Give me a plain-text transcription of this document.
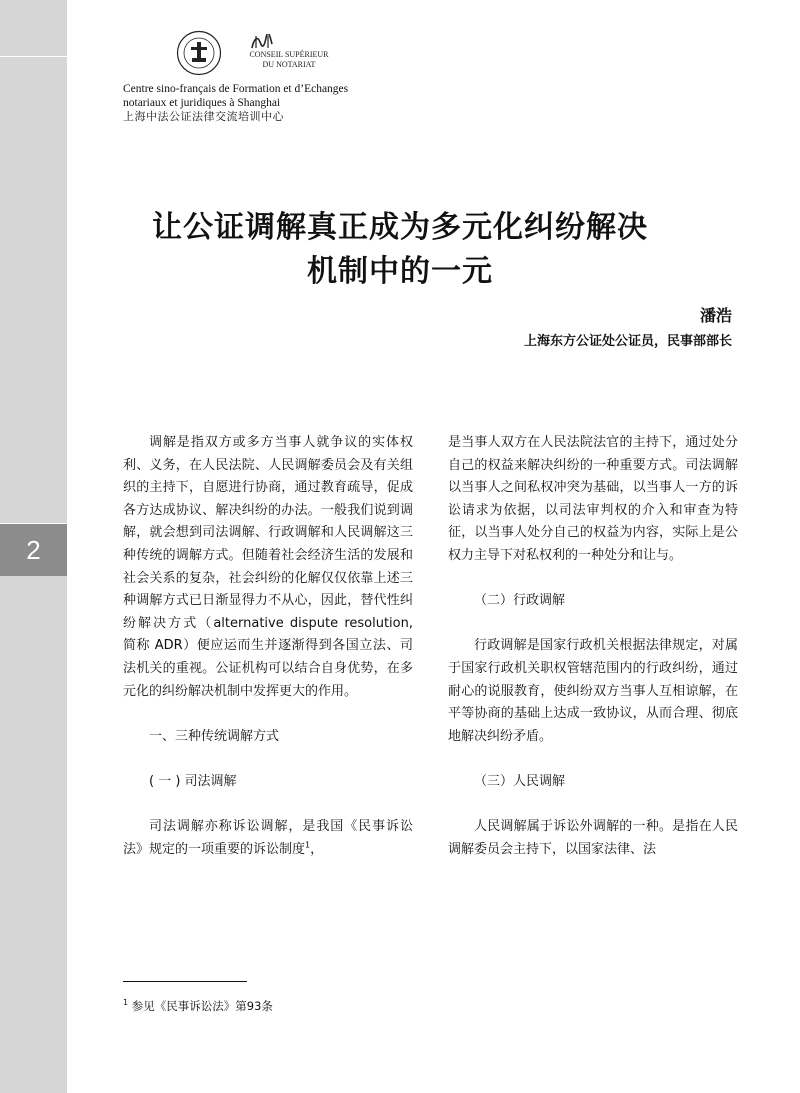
2
CONSEIL SUPÉRIEUR
DU NOTARIAT
Centre sino-français de Formation et d’Echanges
notariaux et juridiques à Shanghai
上海中法公证法律交流培训中心
让公证调解真正成为多元化纠纷解决
机制中的一元
潘浩
上海东方公证处公证员，民事部部长

调解是指双方或多方当事人就争议的实体权利、义务，在人民法院、人民调解委员会及有关组织的主持下，自愿进行协商，通过教育疏导，促成各方达成协议、解决纠纷的办法。一般我们说到调解，就会想到司法调解、行政调解和人民调解这三种传统的调解方式。但随着社会经济生活的发展和社会关系的复杂，社会纠纷的化解仅仅依靠上述三种调解方式已日渐显得力不从心，因此，替代性纠纷解决方式（alternative dispute resolution, 简称 ADR）便应运而生并逐渐得到各国立法、司法机关的重视。公证机构可以结合自身优势，在多元化的纠纷解决机制中发挥更大的作用。

一、三种传统调解方式

( 一 ) 司法调解

司法调解亦称诉讼调解，是我国《民事诉讼法》规定的一项重要的诉讼制度$^1$，

是当事人双方在人民法院法官的主持下，通过处分自己的权益来解决纠纷的一种重要方式。司法调解以当事人之间私权冲突为基础，以当事人一方的诉讼请求为依据，以司法审判权的介入和审查为特征，以当事人处分自己的权益为内容，实际上是公权力主导下对私权利的一种处分和让与。

（二）行政调解

行政调解是国家行政机关根据法律规定，对属于国家行政机关职权管辖范围内的行政纠纷，通过耐心的说服教育，使纠纷双方当事人互相谅解，在平等协商的基础上达成一致协议，从而合理、彻底地解决纠纷矛盾。

（三）人民调解

人民调解属于诉讼外调解的一种。是指在人民调解委员会主持下，以国家法律、法

$^1$ 参见《民事诉讼法》第93条
